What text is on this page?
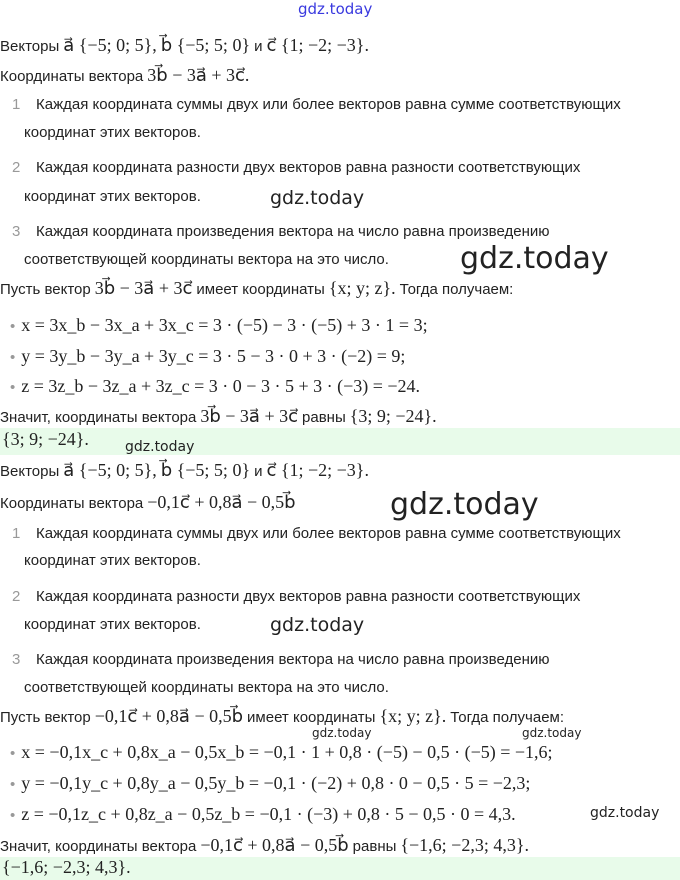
Векторы a⃗ {−5; 0; 5}, b⃗ {−5; 5; 0} и c⃗ {1; −2; −3}.
Координаты вектора 3b⃗ − 3a⃗ + 3c⃗.
1 Каждая координата суммы двух или более векторов равна сумме соответствующих
координат этих векторов.
2 Каждая координата разности двух векторов равна разности соответствующих
координат этих векторов.
3 Каждая координата произведения вектора на число равна произведению
соответствующей координаты вектора на это число.
Пусть вектор 3b⃗ − 3a⃗ + 3c⃗ имеет координаты {x; y; z}. Тогда получаем:
• x = 3x_b − 3x_a + 3x_c = 3 · (−5) − 3 · (−5) + 3 · 1 = 3;
• y = 3y_b − 3y_a + 3y_c = 3 · 5 − 3 · 0 + 3 · (−2) = 9;
• z = 3z_b − 3z_a + 3z_c = 3 · 0 − 3 · 5 + 3 · (−3) = −24.
Значит, координаты вектора 3b⃗ − 3a⃗ + 3c⃗ равны {3; 9; −24}.
{3; 9; −24}.
Векторы a⃗ {−5; 0; 5}, b⃗ {−5; 5; 0} и c⃗ {1; −2; −3}.
Координаты вектора −0,1c⃗ + 0,8a⃗ − 0,5b⃗
1 Каждая координата суммы двух или более векторов равна сумме соответствующих
координат этих векторов.
2 Каждая координата разности двух векторов равна разности соответствующих
координат этих векторов.
3 Каждая координата произведения вектора на число равна произведению
соответствующей координаты вектора на это число.
Пусть вектор −0,1c⃗ + 0,8a⃗ − 0,5b⃗ имеет координаты {x; y; z}. Тогда получаем:
• x = −0,1x_c + 0,8x_a − 0,5x_b = −0,1 · 1 + 0,8 · (−5) − 0,5 · (−5) = −1,6;
• y = −0,1y_c + 0,8y_a − 0,5y_b = −0,1 · (−2) + 0,8 · 0 − 0,5 · 5 = −2,3;
• z = −0,1z_c + 0,8z_a − 0,5z_b = −0,1 · (−3) + 0,8 · 5 − 0,5 · 0 = 4,3.
Значит, координаты вектора −0,1c⃗ + 0,8a⃗ − 0,5b⃗ равны {−1,6; −2,3; 4,3}.
{−1,6; −2,3; 4,3}.
gdz.today
gdz.today
gdz.today
gdz.today
gdz.today
gdz.today
gdz.today	gdz.today
gdz.today
